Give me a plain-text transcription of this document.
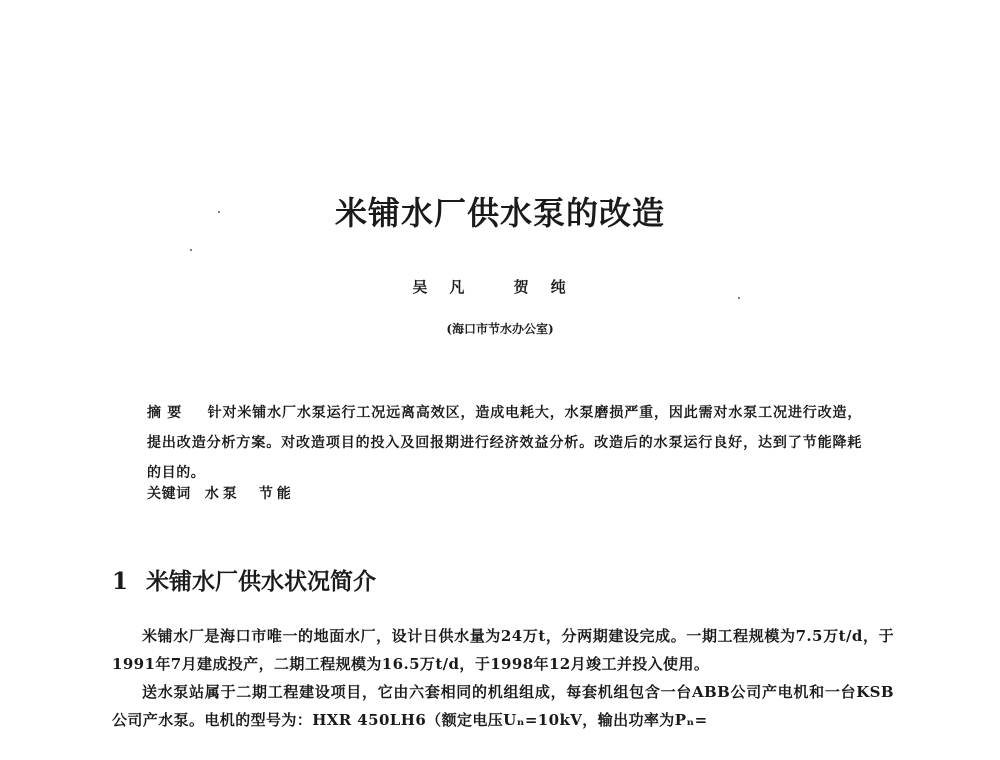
米铺水厂供水泵的改造
吴凡 贺纯
(海口市节水办公室)
摘要 针对米铺水厂水泵运行工况远离高效区，造成电耗大，水泵磨损严重，因此需对水泵工况进行改造，提出改造分析方案。对改造项目的投入及回报期进行经济效益分析。改造后的水泵运行良好，达到了节能降耗的目的。
关键词 水泵 节能
1 米铺水厂供水状况简介

米铺水厂是海口市唯一的地面水厂，设计日供水量为24万t，分两期建设完成。一期工程规模为7.5万t/d，于1991年7月建成投产，二期工程规模为16.5万t/d，于1998年12月竣工并投入使用。

送水泵站属于二期工程建设项目，它由六套相同的机组组成，每套机组包含一台ABB公司产电机和一台KSB公司产水泵。电机的型号为：HXR 450LH6（额定电压Uₙ=10kV，输出功率为Pₙ=
